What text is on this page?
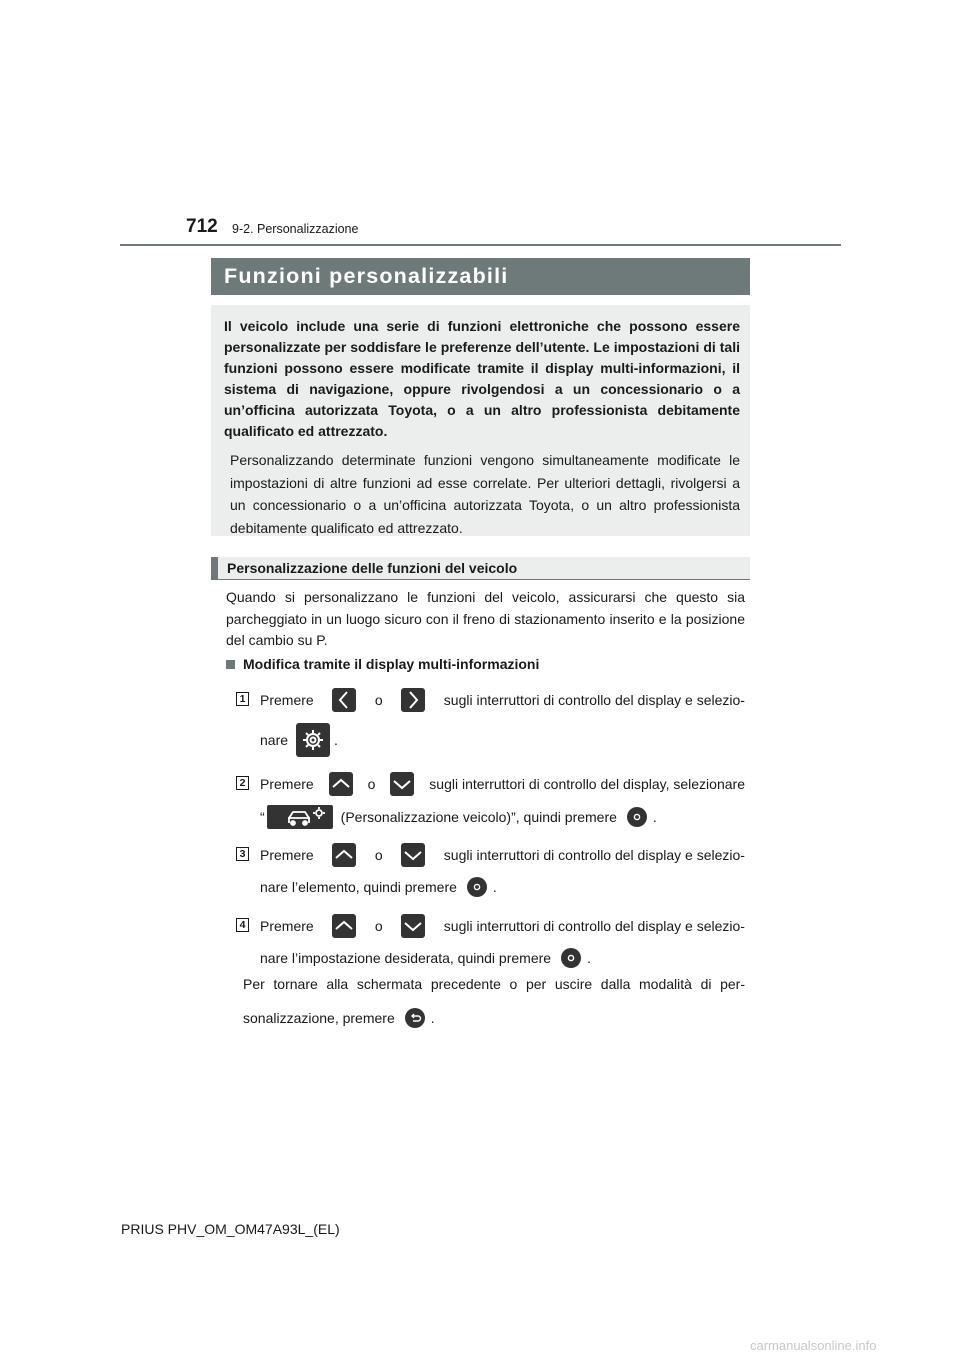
712 9-2. Personalizzazione
Funzioni personalizzabili

Il veicolo include una serie di funzioni elettroniche che possono essere personalizzate per soddisfare le preferenze dell’utente. Le impostazioni di tali funzioni possono essere modificate tramite il display multi-informazioni, il sistema di navigazione, oppure rivolgendosi a un concessionario o a un’officina autorizzata Toyota, o a un altro professionista debitamente qualificato ed attrezzato.

Personalizzando determinate funzioni vengono simultaneamente modificate le impostazioni di altre funzioni ad esse correlate. Per ulteriori dettagli, rivolgersi a un concessionario o a un’officina autorizzata Toyota, o un altro professionista debitamente qualificato ed attrezzato.

Personalizzazione delle funzioni del veicolo

Quando si personalizzano le funzioni del veicolo, assicurarsi che questo sia parcheggiato in un luogo sicuro con il freno di stazionamento inserito e la posizione del cambio su P.

Modifica tramite il display multi-informazioni
1 Premere	o	sugli interruttori di controllo del display e selezio-
nare	.
2 Premere	o	sugli interruttori di controllo del display, selezionare
“	(Personalizzazione veicolo)”, quindi premere	.
3 Premere	o	sugli interruttori di controllo del display e selezio-
nare l’elemento, quindi premere	.
4 Premere	o	sugli interruttori di controllo del display e selezio-
nare l’impostazione desiderata, quindi premere	.
Per tornare alla schermata precedente o per uscire dalla modalità di per-
sonalizzazione, premere	.
PRIUS PHV_OM_OM47A93L_(EL)
carmanualsonline.info
